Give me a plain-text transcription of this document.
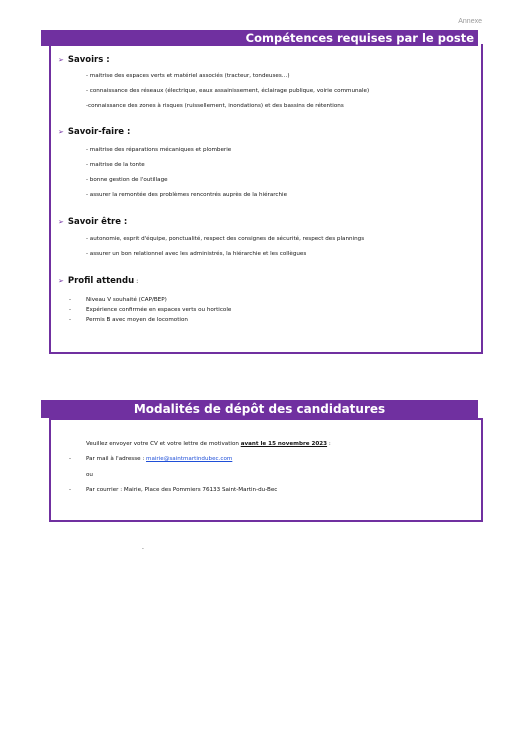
Annexe
Compétences requises par le poste
➢ Savoirs :
- maitrise des espaces verts et matériel associés (tracteur, tondeuses…)
- connaissance des réseaux (électrique, eaux assainissement, éclairage publique, voirie communale)
-connaissance des zones à risques (ruissellement, inondations) et des bassins de rétentions
➢ Savoir-faire :
- maitrise des réparations mécaniques et plomberie
- maitrise de la tonte
- bonne gestion de l'outillage
- assurer la remontée des problèmes rencontrés auprès de la hiérarchie
➢ Savoir être :
- autonomie, esprit d'équipe, ponctualité, respect des consignes de sécurité, respect des plannings
- assurer un bon relationnel avec les administrés, la hiérarchie et les collègues
➢ Profil attendu :
-	Niveau V souhaité (CAP/BEP)
-	Expérience confirmée en espaces verts ou horticole
-	Permis B avec moyen de locomotion
Modalités de dépôt des candidatures
Veuillez envoyer votre CV et votre lettre de motivation avant le 15 novembre 2023 :
-	Par mail à l'adresse : mairie@saintmartindubec.com
ou
-	Par courrier : Mairie, Place des Pommiers 76133 Saint-Martin-du-Bec
.
